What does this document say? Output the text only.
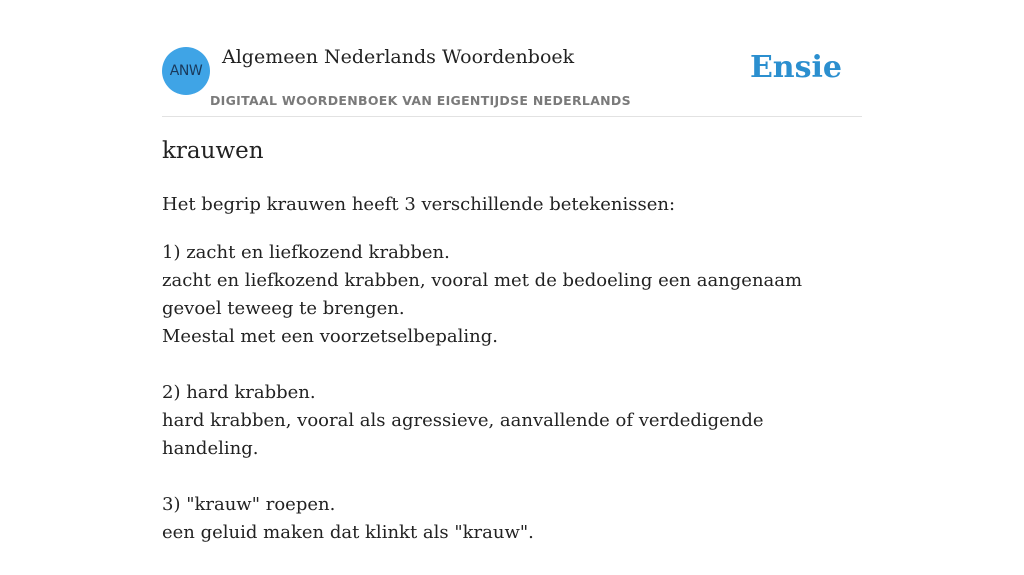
ANW
Algemeen Nederlands Woordenboek
DIGITAAL WOORDENBOEK VAN EIGENTIJDSE NEDERLANDS
Ensie
krauwen
Het begrip krauwen heeft 3 verschillende betekenissen:
1) zacht en liefkozend krabben.
zacht en liefkozend krabben, vooral met de bedoeling een aangenaam gevoel teweeg te brengen.
Meestal met een voorzetselbepaling.
2) hard krabben.
hard krabben, vooral als agressieve, aanvallende of verdedigende handeling.
3) "krauw" roepen.
een geluid maken dat klinkt als "krauw".
